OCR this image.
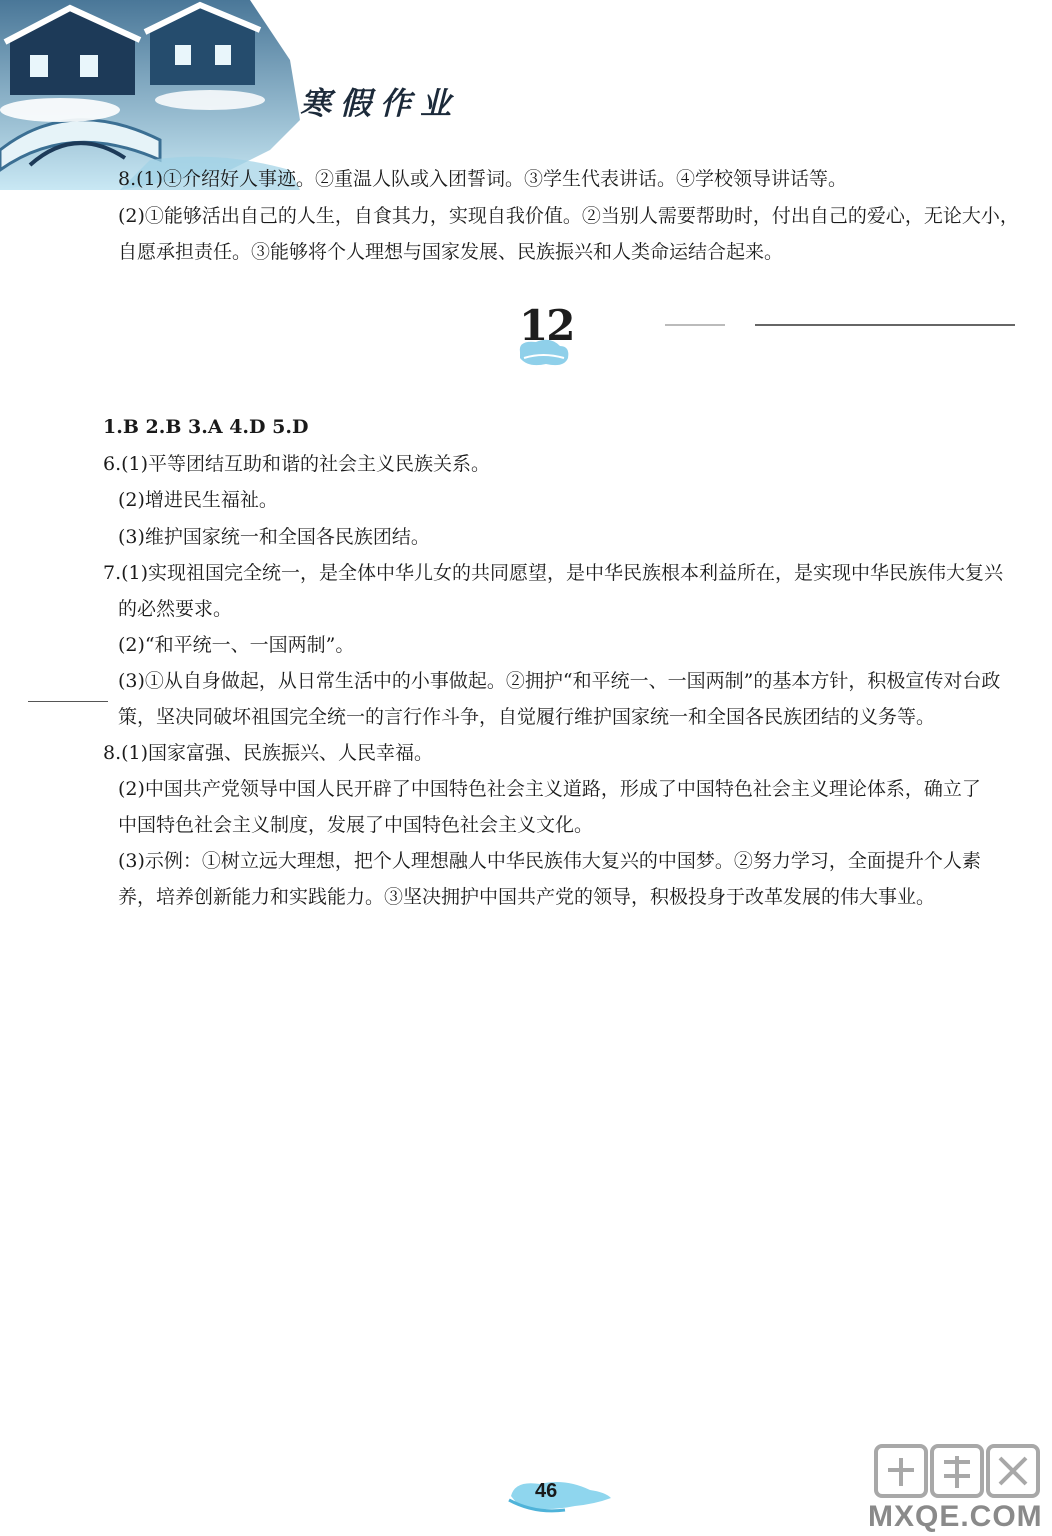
寒假作业
8.(1)①介绍好人事迹。②重温人队或入团誓词。③学生代表讲话。④学校领导讲话等。
(2)①能够活出自己的人生，自食其力，实现自我价值。②当别人需要帮助时，付出自己的爱心，无论大小，
自愿承担责任。③能够将个人理想与国家发展、民族振兴和人类命运结合起来。
12
1.B 2.B 3.A 4.D 5.D
6.(1)平等团结互助和谐的社会主义民族关系。
(2)增进民生福祉。
(3)维护国家统一和全国各民族团结。
7.(1)实现祖国完全统一，是全体中华儿女的共同愿望，是中华民族根本利益所在，是实现中华民族伟大复兴
的必然要求。
(2)“和平统一、一国两制”。
(3)①从自身做起，从日常生活中的小事做起。②拥护“和平统一、一国两制”的基本方针，积极宣传对台政
策，坚决同破坏祖国完全统一的言行作斗争，自觉履行维护国家统一和全国各民族团结的义务等。
8.(1)国家富强、民族振兴、人民幸福。
(2)中国共产党领导中国人民开辟了中国特色社会主义道路，形成了中国特色社会主义理论体系，确立了
中国特色社会主义制度，发展了中国特色社会主义文化。
(3)示例：①树立远大理想，把个人理想融人中华民族伟大复兴的中国梦。②努力学习，全面提升个人素
养，培养创新能力和实践能力。③坚决拥护中国共产党的领导，积极投身于改革发展的伟大事业。
46
MXQE.COM
